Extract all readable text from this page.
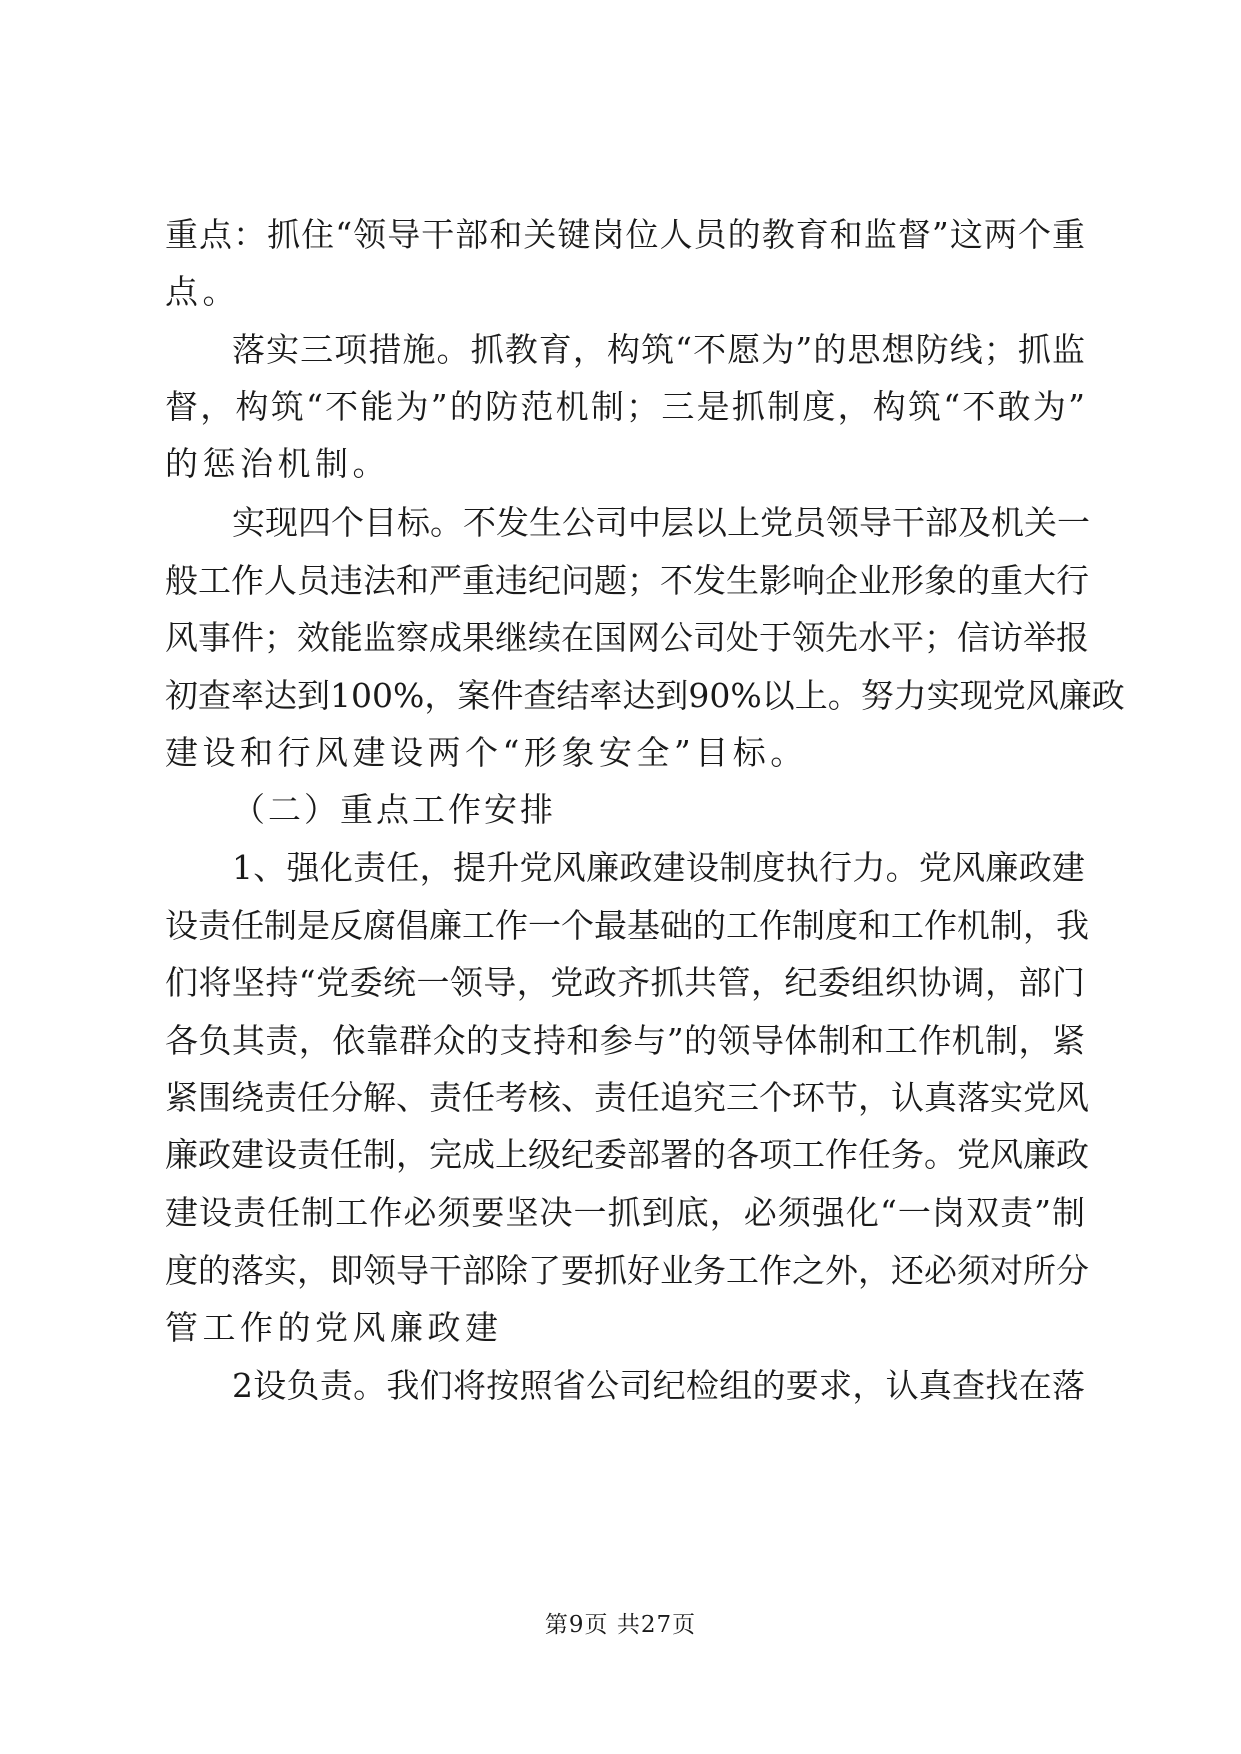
重点：抓住“领导干部和关键岗位人员的教育和监督”这两个重
点。
落实三项措施。抓教育，构筑“不愿为”的思想防线；抓监
督，构筑“不能为”的防范机制；三是抓制度，构筑“不敢为”
的惩治机制。
实现四个目标。不发生公司中层以上党员领导干部及机关一
般工作人员违法和严重违纪问题；不发生影响企业形象的重大行
风事件；效能监察成果继续在国网公司处于领先水平；信访举报
初查率达到100%，案件查结率达到90%以上。努力实现党风廉政
建设和行风建设两个“形象安全”目标。
（二）重点工作安排
1、强化责任，提升党风廉政建设制度执行力。党风廉政建
设责任制是反腐倡廉工作一个最基础的工作制度和工作机制，我
们将坚持“党委统一领导，党政齐抓共管，纪委组织协调，部门
各负其责，依靠群众的支持和参与”的领导体制和工作机制，紧
紧围绕责任分解、责任考核、责任追究三个环节，认真落实党风
廉政建设责任制，完成上级纪委部署的各项工作任务。党风廉政
建设责任制工作必须要坚决一抓到底，必须强化“一岗双责”制
度的落实，即领导干部除了要抓好业务工作之外，还必须对所分
管工作的党风廉政建
2设负责。我们将按照省公司纪检组的要求，认真查找在落
第9页 共27页
